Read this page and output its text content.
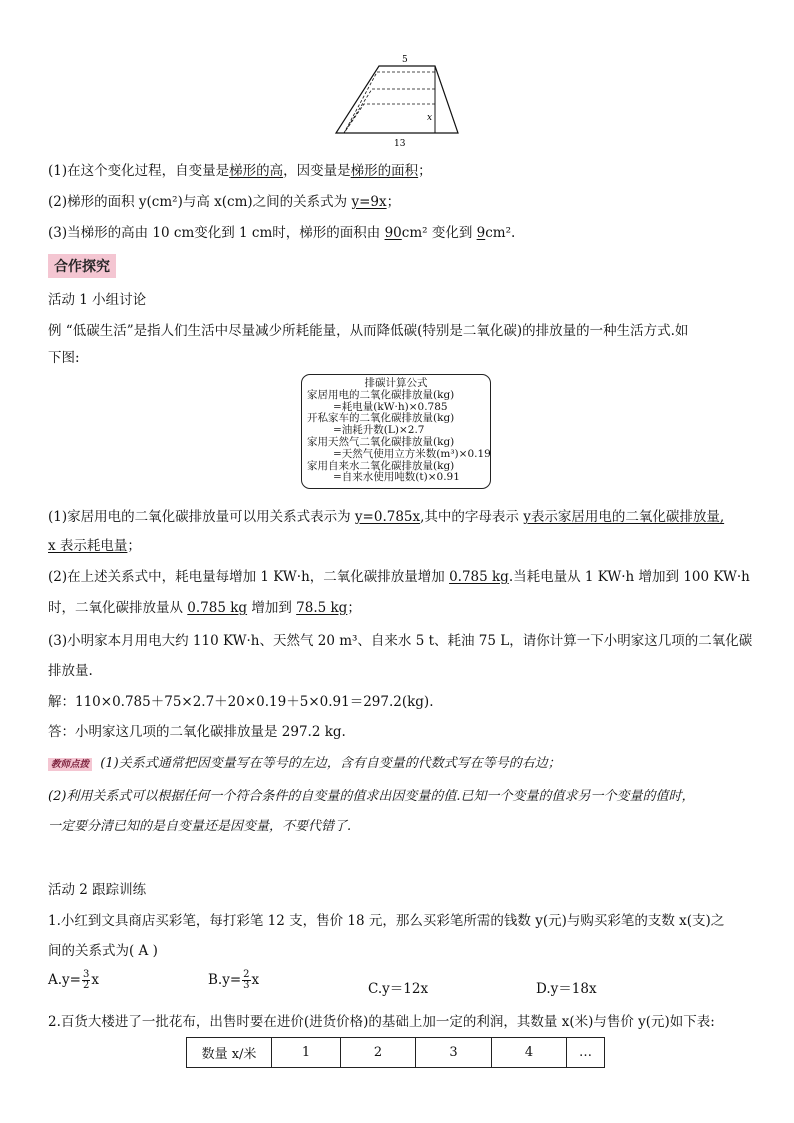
5
x
13
(1)在这个变化过程，自变量是梯形的高，因变量是梯形的面积；
(2)梯形的面积 y(cm²)与高 x(cm)之间的关系式为 y=9x；
(3)当梯形的高由 10 cm变化到 1 cm时，梯形的面积由 90cm² 变化到 9cm².
合作探究
活动 1 小组讨论
例 “低碳生活”是指人们生活中尽量减少所耗能量，从而降低碳(特别是二氧化碳)的排放量的一种生活方式.如
下图:
排碳计算公式
家居用电的二氧化碳排放量(kg)
=耗电量(kW·h)×0.785
开私家车的二氧化碳排放量(kg)
=油耗升数(L)×2.7
家用天然气二氧化碳排放量(kg)
=天然气使用立方米数(m³)×0.19
家用自来水二氧化碳排放量(kg)
=自来水使用吨数(t)×0.91
(1)家居用电的二氧化碳排放量可以用关系式表示为 y=0.785x,其中的字母表示 y表示家居用电的二氧化碳排放量,
x 表示耗电量；
(2)在上述关系式中，耗电量每增加 1 KW·h，二氧化碳排放量增加 0.785 kg.当耗电量从 1 KW·h 增加到 100 KW·h
时，二氧化碳排放量从 0.785 kg 增加到 78.5 kg；
(3)小明家本月用电大约 110 KW·h、天然气 20 m³、自来水 5 t、耗油 75 L，请你计算一下小明家这几项的二氧化碳
排放量.
解：110×0.785＋75×2.7＋20×0.19＋5×0.91＝297.2(kg).
答：小明家这几项的二氧化碳排放量是 297.2 kg.
教师点拨 (1)关系式通常把因变量写在等号的左边，含有自变量的代数式写在等号的右边；
(2)利用关系式可以根据任何一个符合条件的自变量的值求出因变量的值.已知一个变量的值求另一个变量的值时，
一定要分清已知的是自变量还是因变量，不要代错了.
活动 2 跟踪训练
1.小红到文具商店买彩笔，每打彩笔 12 支，售价 18 元，那么买彩笔所需的钱数 y(元)与购买彩笔的支数 x(支)之
间的关系式为( A )
$A.y= \frac{3}{2}$ x	$B.y= \frac{2}{3}$ x
C.y＝12x	D.y＝18x
2.百货大楼进了一批花布，出售时要在进价(进货价格)的基础上加一定的利润，其数量 x(米)与售价 y(元)如下表:
数量 x/米	1	2	3	4	…
